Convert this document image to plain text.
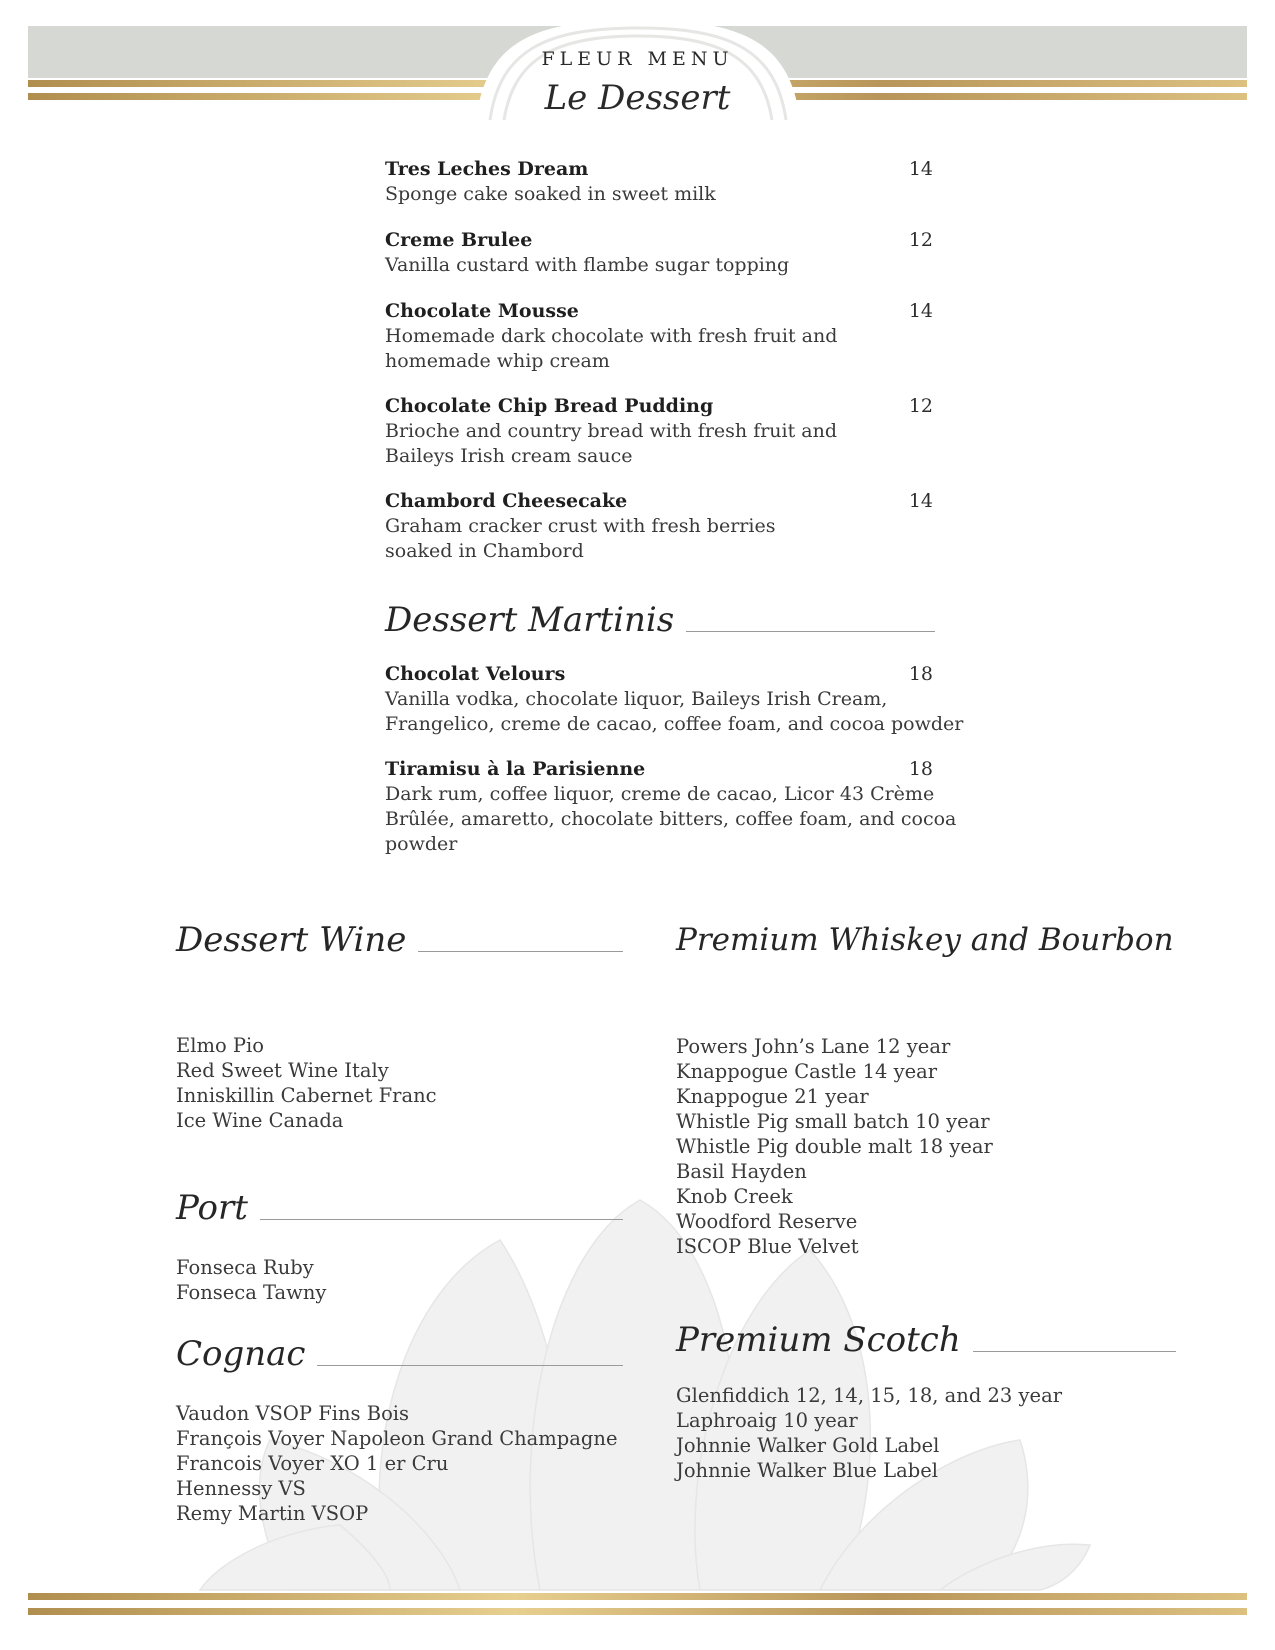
FLEUR MENU
Le Dessert
Tres Leches Dream	14
Sponge cake soaked in sweet milk
Creme Brulee	12
Vanilla custard with flambe sugar topping
Chocolate Mousse	14
Homemade dark chocolate with fresh fruit and
homemade whip cream
Chocolate Chip Bread Pudding	12
Brioche and country bread with fresh fruit and
Baileys Irish cream sauce
Chambord Cheesecake	14
Graham cracker crust with fresh berries
soaked in Chambord
Dessert Martinis
Chocolat Velours	18
Vanilla vodka, chocolate liquor, Baileys Irish Cream,
Frangelico, creme de cacao, coffee foam, and cocoa powder
Tiramisu à la Parisienne	18
Dark rum, coffee liquor, creme de cacao, Licor 43 Crème
Brûlée, amaretto, chocolate bitters, coffee foam, and cocoa
powder
Dessert Wine
Elmo Pio
Red Sweet Wine Italy
Inniskillin Cabernet Franc
Ice Wine Canada
Port
Fonseca Ruby
Fonseca Tawny
Cognac
Vaudon VSOP Fins Bois
François Voyer Napoleon Grand Champagne
Francois Voyer XO 1 er Cru
Hennessy VS
Remy Martin VSOP
Premium Whiskey and Bourbon
Powers John’s Lane 12 year
Knappogue Castle 14 year
Knappogue 21 year
Whistle Pig small batch 10 year
Whistle Pig double malt 18 year
Basil Hayden
Knob Creek
Woodford Reserve
ISCOP Blue Velvet
Premium Scotch
Glenfiddich 12, 14, 15, 18, and 23 year
Laphroaig 10 year
Johnnie Walker Gold Label
Johnnie Walker Blue Label
